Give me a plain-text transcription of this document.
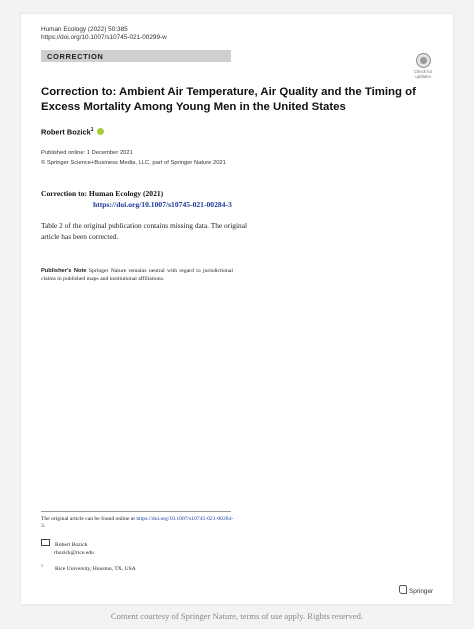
Human Ecology (2022) 50:385
https://doi.org/10.1007/s10745-021-00299-w
CORRECTION
Check for
updates
Correction to: Ambient Air Temperature, Air Quality and the Timing of Excess Mortality Among Young Men in the United States
Robert Bozick$^1$
Published online: 1 December 2021
© Springer Science+Business Media, LLC, part of Springer Nature 2021
Correction to: Human Ecology (2021)
https://doi.org/10.1007/s10745-021-00284-3
Table 2 of the original publication contains missing data. The original article has been corrected.
Publisher's Note Springer Nature remains neutral with regard to jurisdictional claims in published maps and institutional affiliations.
The original article can be found online at https://doi.org/10.1007/s10745-021-00284-3.
Robert Bozick
rbozick@rice.edu
$^1$Rice University, Houston, TX, USA
Springer
Content courtesy of Springer Nature, terms of use apply. Rights reserved.
